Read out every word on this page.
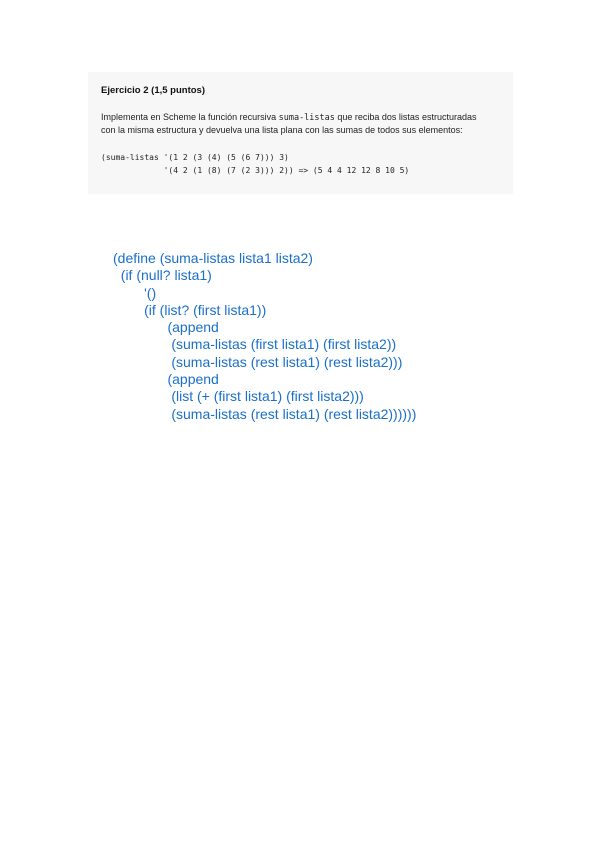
Ejercicio 2 (1,5 puntos)

Implementa en Scheme la función recursiva suma-listas que reciba dos listas estructuradas
con la misma estructura y devuelva una lista plana con las sumas de todos sus elementos:

(suma-listas '(1 2 (3 (4) (5 (6 7))) 3)
'(4 2 (1 (8) (7 (2 3))) 2)) => (5 4 4 12 12 8 10 5)
(define (suma-listas lista1 lista2)
(if (null? lista1)
'()
(if (list? (first lista1))
(append
(suma-listas (first lista1) (first lista2))
(suma-listas (rest lista1) (rest lista2)))
(append
(list (+ (first lista1) (first lista2)))
(suma-listas (rest lista1) (rest lista2))))))
